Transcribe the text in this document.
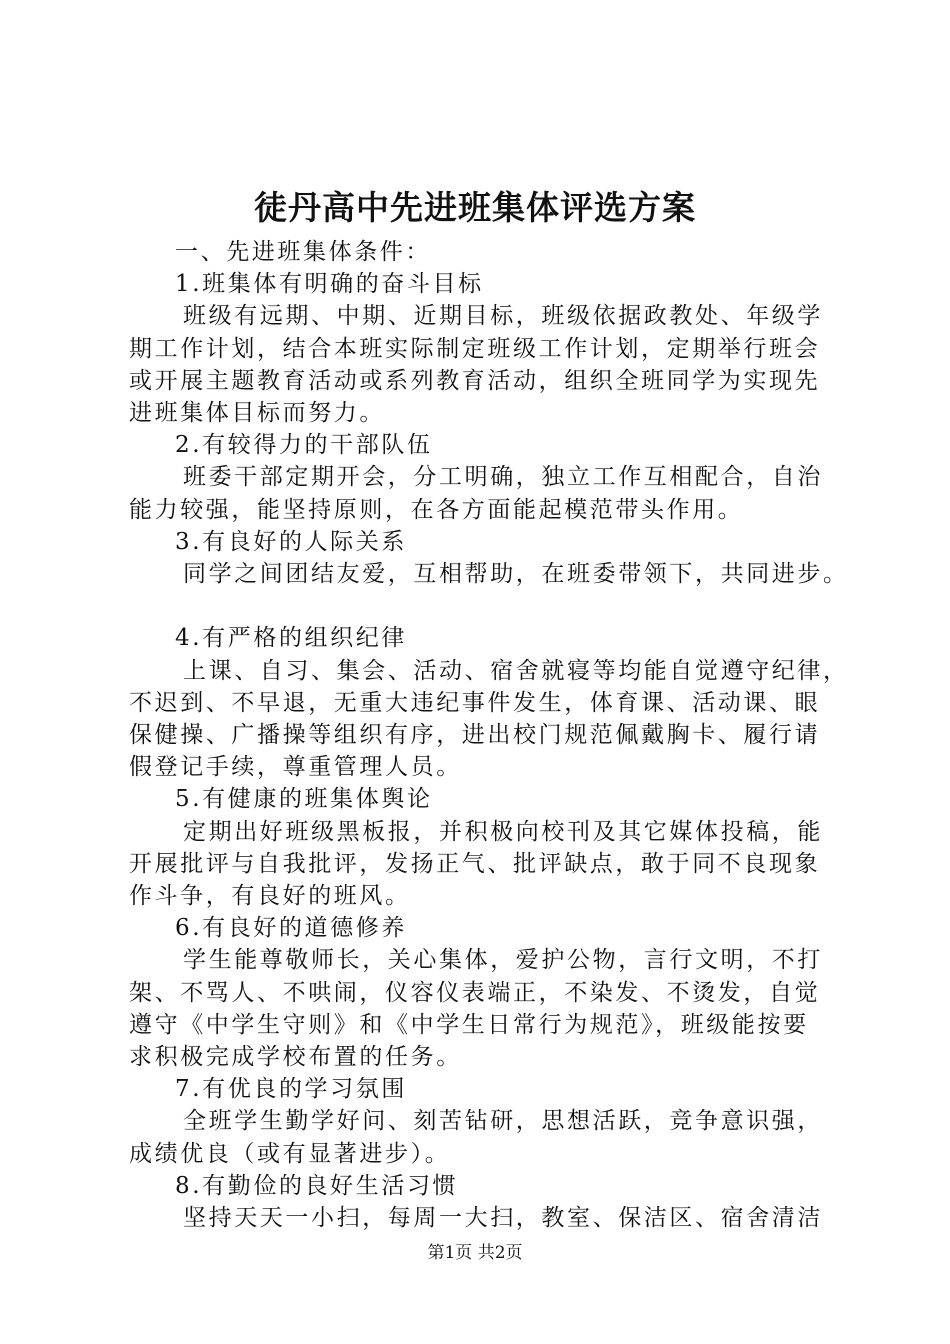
徒丹高中先进班集体评选方案

一、先进班集体条件：

1.班集体有明确的奋斗目标

班级有远期、中期、近期目标，班级依据政教处、年级学

期工作计划，结合本班实际制定班级工作计划，定期举行班会

或开展主题教育活动或系列教育活动，组织全班同学为实现先

进班集体目标而努力。

2.有较得力的干部队伍

班委干部定期开会，分工明确，独立工作互相配合，自治

能力较强，能坚持原则，在各方面能起模范带头作用。

3.有良好的人际关系

同学之间团结友爱，互相帮助，在班委带领下，共同进步。

4.有严格的组织纪律

上课、自习、集会、活动、宿舍就寝等均能自觉遵守纪律，

不迟到、不早退，无重大违纪事件发生，体育课、活动课、眼

保健操、广播操等组织有序，进出校门规范佩戴胸卡、履行请

假登记手续，尊重管理人员。

5.有健康的班集体舆论

定期出好班级黑板报，并积极向校刊及其它媒体投稿，能

开展批评与自我批评，发扬正气、批评缺点，敢于同不良现象

作斗争，有良好的班风。

6.有良好的道德修养

学生能尊敬师长，关心集体，爱护公物，言行文明，不打

架、不骂人、不哄闹，仪容仪表端正，不染发、不烫发，自觉

遵守《中学生守则》和《中学生日常行为规范》，班级能按要

求积极完成学校布置的任务。

7.有优良的学习氛围

全班学生勤学好问、刻苦钻研，思想活跃，竞争意识强，

成绩优良（或有显著进步）。

8.有勤俭的良好生活习惯

坚持天天一小扫，每周一大扫，教室、保洁区、宿舍清洁

第1页 共2页
